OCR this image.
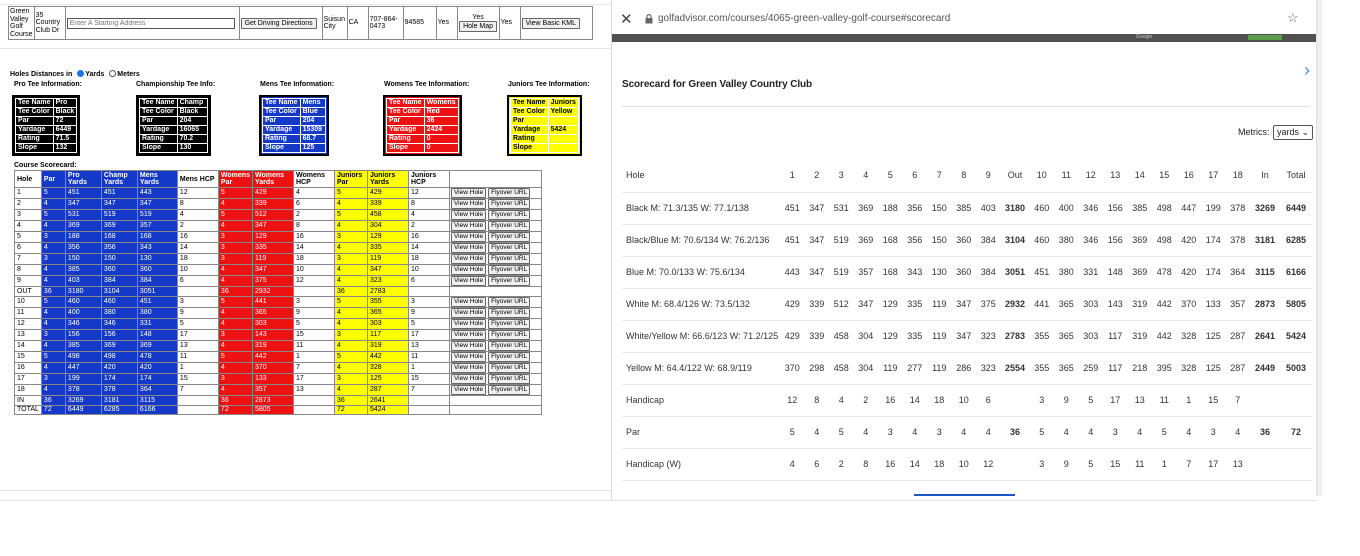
Green Valley Golf Course	35 Country Club Dr	Enter A Starting Address	Get Driving Directions	Suisun City	CA	707-864-0473	94585	Yes	
Yes
Hole Map	Yes	View Basic KML
Holes Distances in Yards Meters
Pro Tee Information:	Championship Tee Info:	Mens Tee Information:	Womens Tee Information:	Juniors Tee Information:
Tee Name	Pro
Tee Color	Black
Par	72
Yardage	6449
Rating	71.5
Slope	132
Tee Name	Champ
Tee Color	Black
Par	204
Yardage	16065
Rating	70.2
Slope	130
Tee Name	Mens
Tee Color	Blue
Par	204
Yardage	15309
Rating	68.7
Slope	125
Tee Name	Womens
Tee Color	Red
Par	36
Yardage	2424
Rating	0
Slope	0
Tee Name	Juniors
Tee Color	Yellow
Par	
Yardage	5424
Rating	
Slope	
Course Scorecard:
Hole	Par	Pro Yards	Champ Yards	Mens Yards	Mens HCP	Womens Par	Womens Yards	Womens HCP	Juniors Par	Juniors Yards	Juniors HCP	
1	5	451	451	443	12	5	429	4	5	429	12	View Hole Flyover URL
2	4	347	347	347	8	4	339	6	4	339	8	View Hole Flyover URL
3	5	531	519	519	4	5	512	2	5	458	4	View Hole Flyover URL
4	4	369	369	357	2	4	347	8	4	304	2	View Hole Flyover URL
5	3	188	168	168	16	3	129	16	3	129	16	View Hole Flyover URL
6	4	356	356	343	14	3	335	14	4	335	14	View Hole Flyover URL
7	3	150	150	130	18	3	119	18	3	119	18	View Hole Flyover URL
8	4	385	360	360	10	4	347	10	4	347	10	View Hole Flyover URL
9	4	403	384	384	6	4	375	12	4	323	6	View Hole Flyover URL
OUT	36	3180	3104	3051		36	2932		36	2783		
10	5	460	460	451	3	5	441	3	5	355	3	View Hole Flyover URL
11	4	400	380	380	9	4	365	9	4	365	9	View Hole Flyover URL
12	4	346	346	331	5	4	303	5	4	303	5	View Hole Flyover URL
13	3	156	156	148	17	3	143	15	3	117	17	View Hole Flyover URL
14	4	385	369	369	13	4	319	11	4	319	13	View Hole Flyover URL
15	5	498	498	478	11	5	442	1	5	442	11	View Hole Flyover URL
16	4	447	420	420	1	4	370	7	4	328	1	View Hole Flyover URL
17	3	199	174	174	15	3	133	17	3	125	15	View Hole Flyover URL
18	4	378	378	364	7	4	357	13	4	287	7	View Hole Flyover URL
IN	36	3269	3181	3115		36	2873		36	2641		
TOTAL	72	6449	6285	6166		72	5805		72	5424		
✕	golfadvisor.com/courses/4065-green-valley-golf-course#scorecard	☆
Google
›
Scorecard for Green Valley Country Club
Metrics: yards ⌄
Hole	1	2	3	4	5	6	7	8	9	Out	10	11	12	13	14	15	16	17	18	In	Total
Black M: 71.3/135 W: 77.1/138	451	347	531	369	188	356	150	385	403	3180	460	400	346	156	385	498	447	199	378	3269	6449
Black/Blue M: 70.6/134 W: 76.2/136	451	347	519	369	168	356	150	360	384	3104	460	380	346	156	369	498	420	174	378	3181	6285
Blue M: 70.0/133 W: 75.6/134	443	347	519	357	168	343	130	360	384	3051	451	380	331	148	369	478	420	174	364	3115	6166
White M: 68.4/126 W: 73.5/132	429	339	512	347	129	335	119	347	375	2932	441	365	303	143	319	442	370	133	357	2873	5805
White/Yellow M: 66.6/123 W: 71.2/125	429	339	458	304	129	335	119	347	323	2783	355	365	303	117	319	442	328	125	287	2641	5424
Yellow M: 64.4/122 W: 68.9/119	370	298	458	304	119	277	119	286	323	2554	355	365	259	117	218	395	328	125	287	2449	5003
Handicap	12	8	4	2	16	14	18	10	6		3	9	5	17	13	11	1	15	7		
Par	5	4	5	4	3	4	3	4	4	36	5	4	4	3	4	5	4	3	4	36	72
Handicap (W)	4	6	2	8	16	14	18	10	12		3	9	5	15	11	1	7	17	13		
